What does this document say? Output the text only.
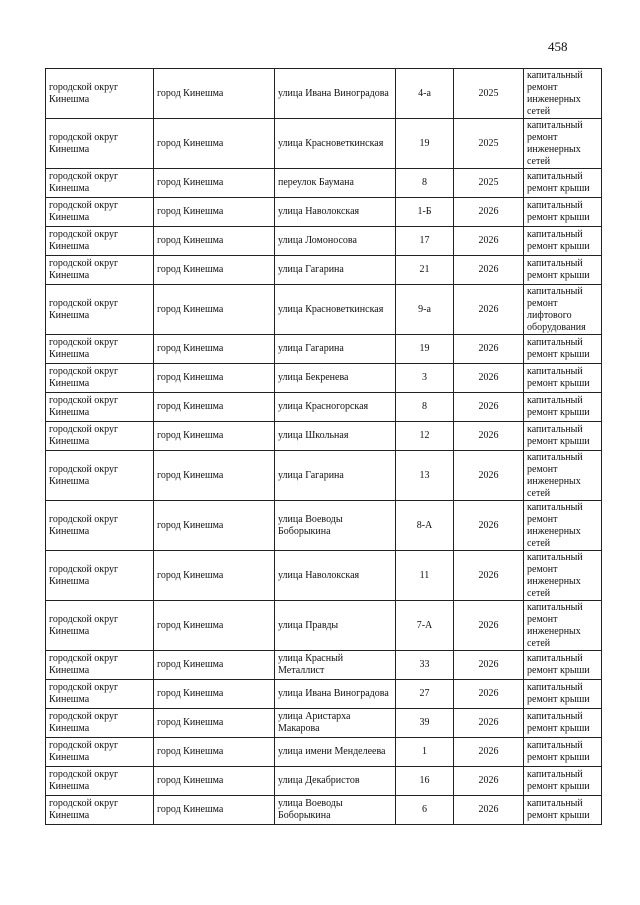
458
городской округ Кинешма	город Кинешма	улица Ивана Виноградова	4-а	2025	капитальный ремонт инженерных сетей
городской округ Кинешма	город Кинешма	улица Красноветкинская	19	2025	капитальный ремонт инженерных сетей
городской округ Кинешма	город Кинешма	переулок Баумана	8	2025	капитальный ремонт крыши
городской округ Кинешма	город Кинешма	улица Наволокская	1-Б	2026	капитальный ремонт крыши
городской округ Кинешма	город Кинешма	улица Ломоносова	17	2026	капитальный ремонт крыши
городской округ Кинешма	город Кинешма	улица Гагарина	21	2026	капитальный ремонт крыши
городской округ Кинешма	город Кинешма	улица Красноветкинская	9-а	2026	капитальный ремонт лифтового оборудования
городской округ Кинешма	город Кинешма	улица Гагарина	19	2026	капитальный ремонт крыши
городской округ Кинешма	город Кинешма	улица Бекренева	3	2026	капитальный ремонт крыши
городской округ Кинешма	город Кинешма	улица Красногорская	8	2026	капитальный ремонт крыши
городской округ Кинешма	город Кинешма	улица Школьная	12	2026	капитальный ремонт крыши
городской округ Кинешма	город Кинешма	улица Гагарина	13	2026	капитальный ремонт инженерных сетей
городской округ Кинешма	город Кинешма	улица Воеводы Боборыкина	8-А	2026	капитальный ремонт инженерных сетей
городской округ Кинешма	город Кинешма	улица Наволокская	11	2026	капитальный ремонт инженерных сетей
городской округ Кинешма	город Кинешма	улица Правды	7-А	2026	капитальный ремонт инженерных сетей
городской округ Кинешма	город Кинешма	улица Красный Металлист	33	2026	капитальный ремонт крыши
городской округ Кинешма	город Кинешма	улица Ивана Виноградова	27	2026	капитальный ремонт крыши
городской округ Кинешма	город Кинешма	улица Аристарха Макарова	39	2026	капитальный ремонт крыши
городской округ Кинешма	город Кинешма	улица имени Менделеева	1	2026	капитальный ремонт крыши
городской округ Кинешма	город Кинешма	улица Декабристов	16	2026	капитальный ремонт крыши
городской округ Кинешма	город Кинешма	улица Воеводы Боборыкина	6	2026	капитальный ремонт крыши
